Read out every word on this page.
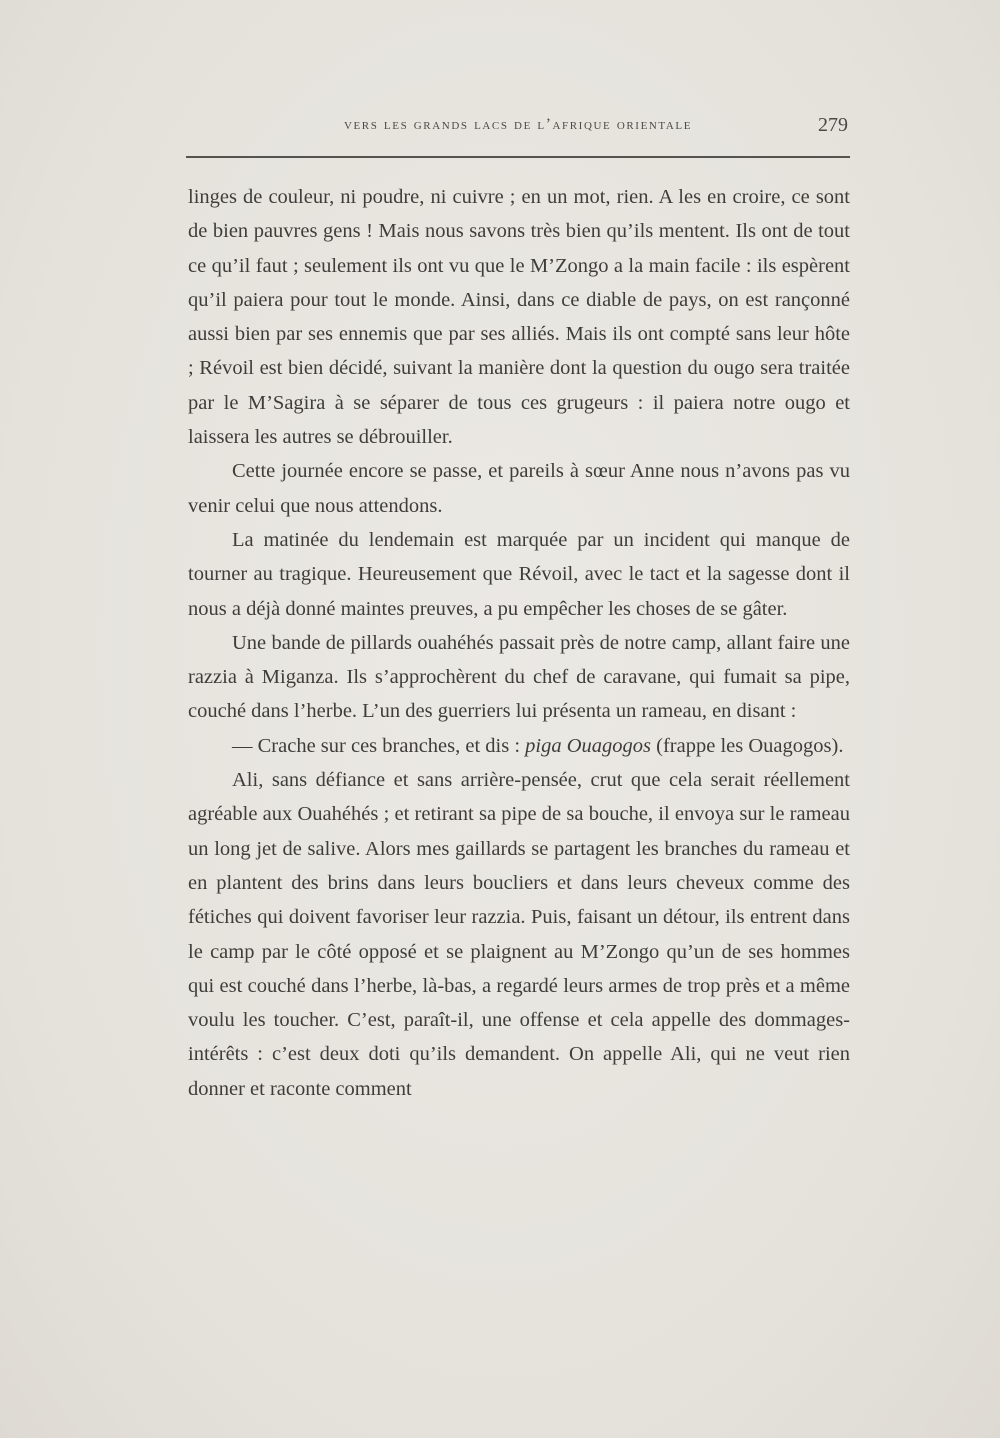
vers les grands lacs de l’afrique orientale	279

linges de couleur, ni poudre, ni cuivre ; en un mot, rien. A les en croire, ce sont de bien pauvres gens ! Mais nous savons très bien qu’ils mentent. Ils ont de tout ce qu’il faut ; seulement ils ont vu que le M’Zongo a la main facile : ils espèrent qu’il paiera pour tout le monde. Ainsi, dans ce diable de pays, on est rançonné aussi bien par ses ennemis que par ses alliés. Mais ils ont compté sans leur hôte ; Révoil est bien décidé, suivant la manière dont la question du ougo sera traitée par le M’Sagira à se séparer de tous ces grugeurs : il paiera notre ougo et laissera les autres se débrouiller.

Cette journée encore se passe, et pareils à sœur Anne nous n’avons pas vu venir celui que nous attendons.

La matinée du lendemain est marquée par un incident qui manque de tourner au tragique. Heureusement que Révoil, avec le tact et la sagesse dont il nous a déjà donné maintes preuves, a pu empêcher les choses de se gâter.

Une bande de pillards ouahéhés passait près de notre camp, allant faire une razzia à Miganza. Ils s’approchèrent du chef de caravane, qui fumait sa pipe, couché dans l’herbe. L’un des guerriers lui présenta un rameau, en disant :

— Crache sur ces branches, et dis : piga Ouagogos (frappe les Ouagogos).

Ali, sans défiance et sans arrière-pensée, crut que cela serait réellement agréable aux Ouahéhés ; et retirant sa pipe de sa bouche, il envoya sur le rameau un long jet de salive. Alors mes gaillards se partagent les branches du rameau et en plantent des brins dans leurs boucliers et dans leurs cheveux comme des fétiches qui doivent favoriser leur razzia. Puis, faisant un détour, ils entrent dans le camp par le côté opposé et se plaignent au M’Zongo qu’un de ses hommes qui est couché dans l’herbe, là-bas, a regardé leurs armes de trop près et a même voulu les toucher. C’est, paraît-il, une offense et cela appelle des dommages-intérêts : c’est deux doti qu’ils demandent. On appelle Ali, qui ne veut rien donner et raconte comment
